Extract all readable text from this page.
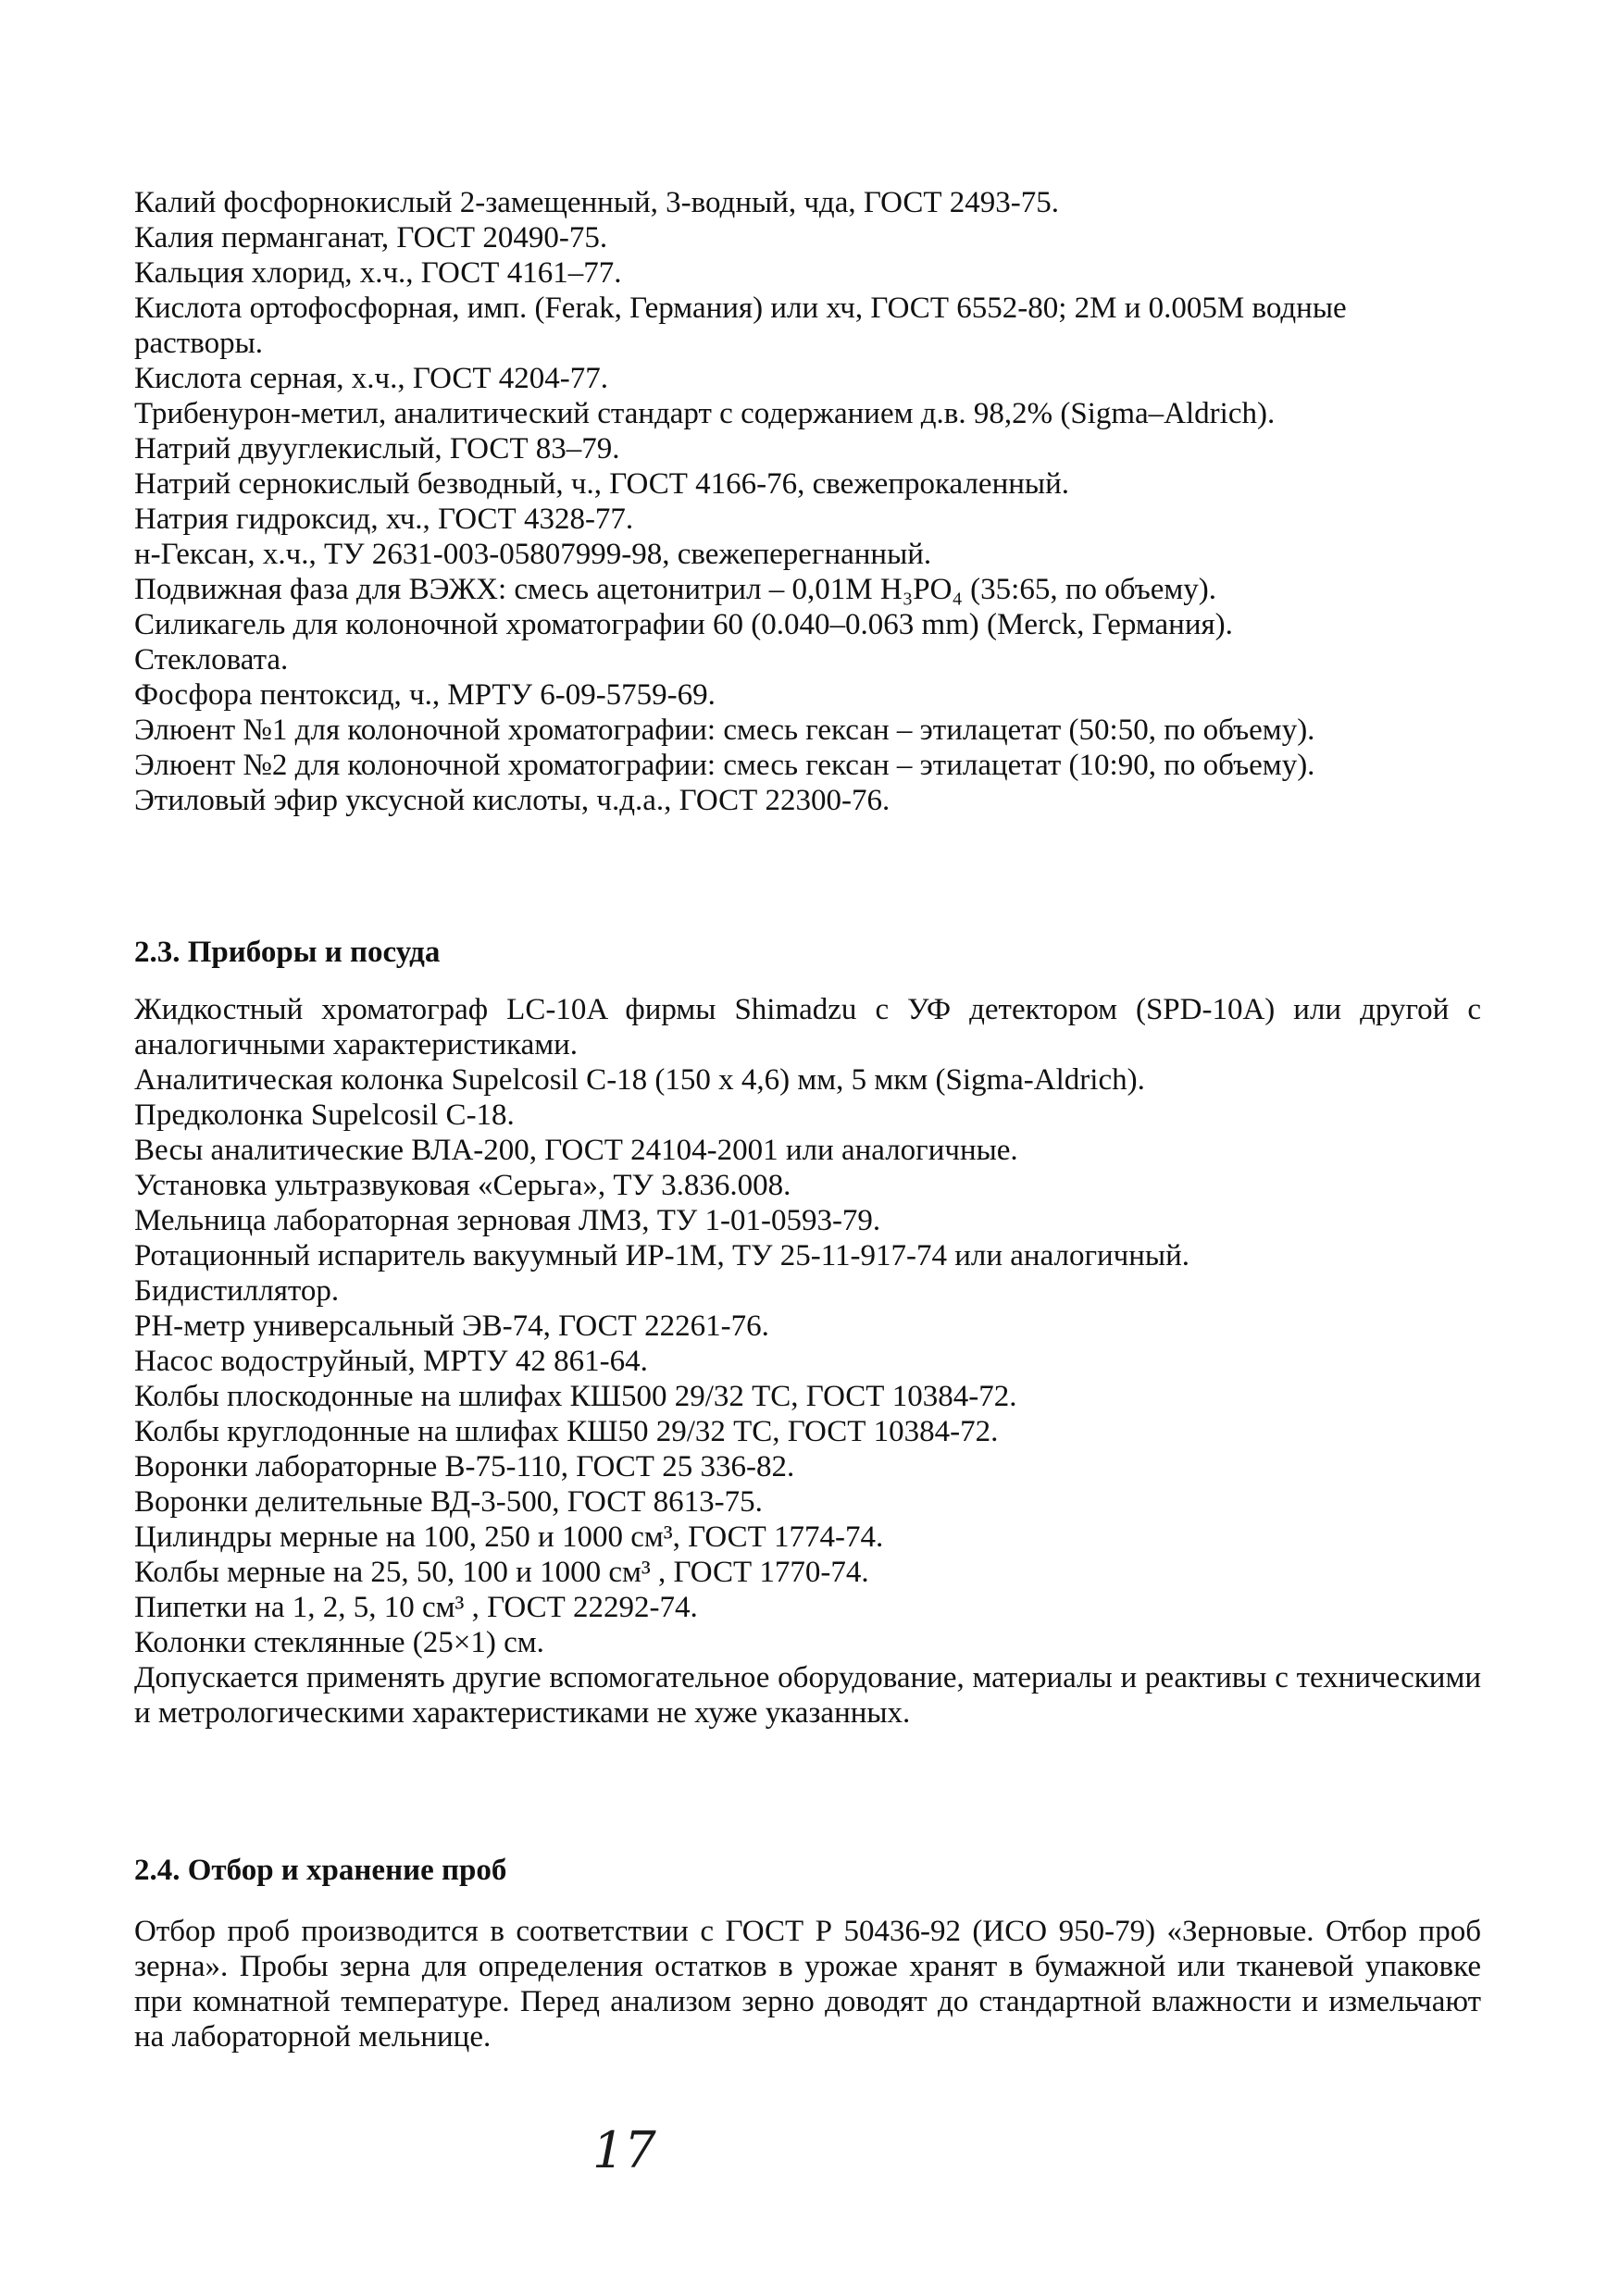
Калий фосфорнокислый 2-замещенный, 3-водный, чда, ГОСТ 2493-75.
Калия перманганат, ГОСТ 20490-75.
Кальция хлорид, х.ч., ГОСТ 4161–77.
Кислота ортофосфорная, имп. (Ferak, Германия) или хч, ГОСТ 6552-80; 2М и 0.005М водные
растворы.
Кислота серная, х.ч., ГОСТ 4204-77.
Трибенурон-метил, аналитический стандарт с содержанием д.в. 98,2% (Sigma–Aldrich).
Натрий двууглекислый, ГОСТ 83–79.
Натрий сернокислый безводный, ч., ГОСТ 4166-76, свежепрокаленный.
Натрия гидроксид, хч., ГОСТ 4328-77.
н-Гексан, х.ч., ТУ 2631-003-05807999-98, свежеперегнанный.
Подвижная фаза для ВЭЖХ: смесь ацетонитрил – 0,01М H₃PO₄ (35:65, по объему).
Силикагель для колоночной хроматографии 60 (0.040–0.063 mm) (Merck, Германия).
Стекловата.
Фосфора пентоксид, ч., МРТУ 6-09-5759-69.
Элюент №1 для колоночной хроматографии: смесь гексан – этилацетат (50:50, по объему).
Элюент №2 для колоночной хроматографии: смесь гексан – этилацетат (10:90, по объему).
Этиловый эфир уксусной кислоты, ч.д.а., ГОСТ 22300-76.
2.3. Приборы и посуда
Жидкостный хроматограф LC-10A фирмы Shimadzu с УФ детектором (SPD-10A) или другой с аналогичными характеристиками.
Аналитическая колонка Supelcosil C-18 (150 x 4,6) мм, 5 мкм (Sigma-Aldrich).
Предколонка Supelcosil C-18.
Весы аналитические ВЛА-200, ГОСТ 24104-2001 или аналогичные.
Установка ультразвуковая «Серьга», ТУ 3.836.008.
Мельница лабораторная зерновая ЛМЗ, ТУ 1-01-0593-79.
Ротационный испаритель вакуумный ИР-1М, ТУ 25-11-917-74 или аналогичный.
Бидистиллятор.
PH-метр универсальный ЭВ-74, ГОСТ 22261-76.
Насос водоструйный, МРТУ 42 861-64.
Колбы плоскодонные на шлифах КШ500 29/32 ТС, ГОСТ 10384-72.
Колбы круглодонные на шлифах КШ50 29/32 ТС, ГОСТ 10384-72.
Воронки лабораторные В-75-110, ГОСТ 25 336-82.
Воронки делительные ВД-3-500, ГОСТ 8613-75.
Цилиндры мерные на 100, 250 и 1000 см³, ГОСТ 1774-74.
Колбы мерные на 25, 50, 100 и 1000 см³ , ГОСТ 1770-74.
Пипетки на 1, 2, 5, 10 см³ , ГОСТ 22292-74.
Колонки стеклянные (25×1) см.
Допускается применять другие вспомогательное оборудование, материалы и реактивы с техническими и метрологическими характеристиками не хуже указанных.
2.4. Отбор и хранение проб
Отбор проб производится в соответствии с ГОСТ Р 50436-92 (ИСО 950-79) «Зерновые. Отбор проб зерна». Пробы зерна для определения остатков в урожае хранят в бумажной или тканевой упаковке при комнатной температуре. Перед анализом зерно доводят до стандартной влажности и измельчают на лабораторной мельнице.
17
